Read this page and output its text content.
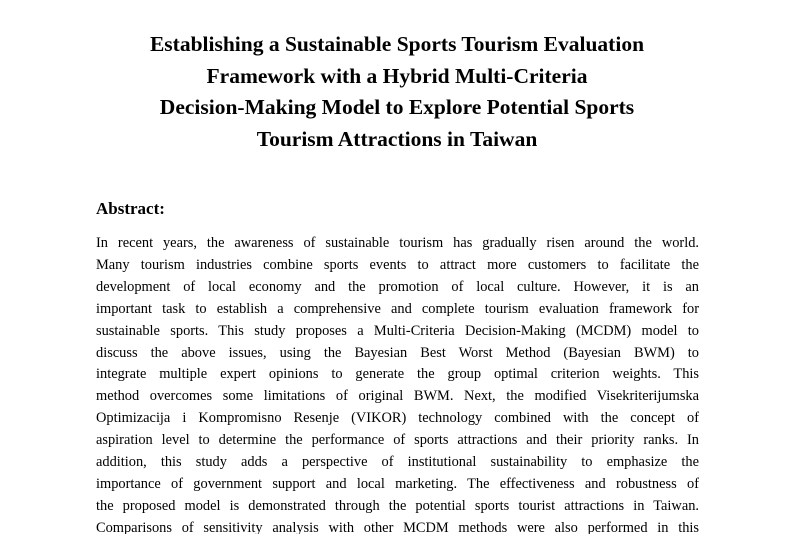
Establishing a Sustainable Sports Tourism Evaluation
Framework with a Hybrid Multi-Criteria
Decision-Making Model to Explore Potential Sports
Tourism Attractions in Taiwan
Abstract:
In recent years, the awareness of sustainable tourism has gradually risen around the world.
Many tourism industries combine sports events to attract more customers to facilitate the
development of local economy and the promotion of local culture. However, it is an
important task to establish a comprehensive and complete tourism evaluation framework for
sustainable sports. This study proposes a Multi-Criteria Decision-Making (MCDM) model to
discuss the above issues, using the Bayesian Best Worst Method (Bayesian BWM) to
integrate multiple expert opinions to generate the group optimal criterion weights. This
method overcomes some limitations of original BWM. Next, the modified Visekriterijumska
Optimizacija i Kompromisno Resenje (VIKOR) technology combined with the concept of
aspiration level to determine the performance of sports attractions and their priority ranks. In
addition, this study adds a perspective of institutional sustainability to emphasize the
importance of government support and local marketing. The effectiveness and robustness of
the proposed model is demonstrated through the potential sports tourist attractions in Taiwan.
Comparisons of sensitivity analysis with other MCDM methods were also performed in this
